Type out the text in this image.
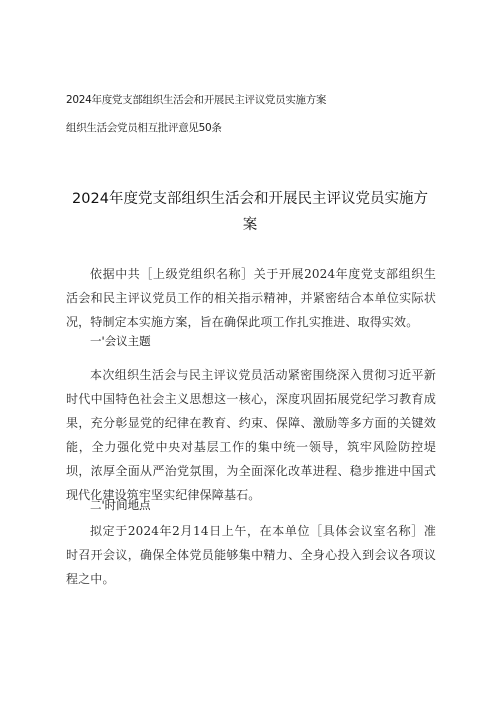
2024年度党支部组织生活会和开展民主评议党员实施方案
组织生活会党员相互批评意见50条
2024年度党支部组织生活会和开展民主评议党员实施方
案
依据中共［上级党组织名称］关于开展2024年度党支部组织生活会和民主评议党员工作的相关指示精神，并紧密结合本单位实际状况，特制定本实施方案，旨在确保此项工作扎实推进、取得实效。
一'会议主题
本次组织生活会与民主评议党员活动紧密围绕深入贯彻习近平新时代中国特色社会主义思想这一核心，深度巩固拓展党纪学习教育成果，充分彰显党的纪律在教育、约束、保障、激励等多方面的关键效能，全力强化党中央对基层工作的集中统一领导，筑牢风险防控堤坝，浓厚全面从严治党氛围，为全面深化改革进程、稳步推进中国式现代化建设筑牢坚实纪律保障基石。
二'时间地点
拟定于2024年2月14日上午，在本单位［具体会议室名称］准时召开会议，确保全体党员能够集中精力、全身心投入到会议各项议程之中。
